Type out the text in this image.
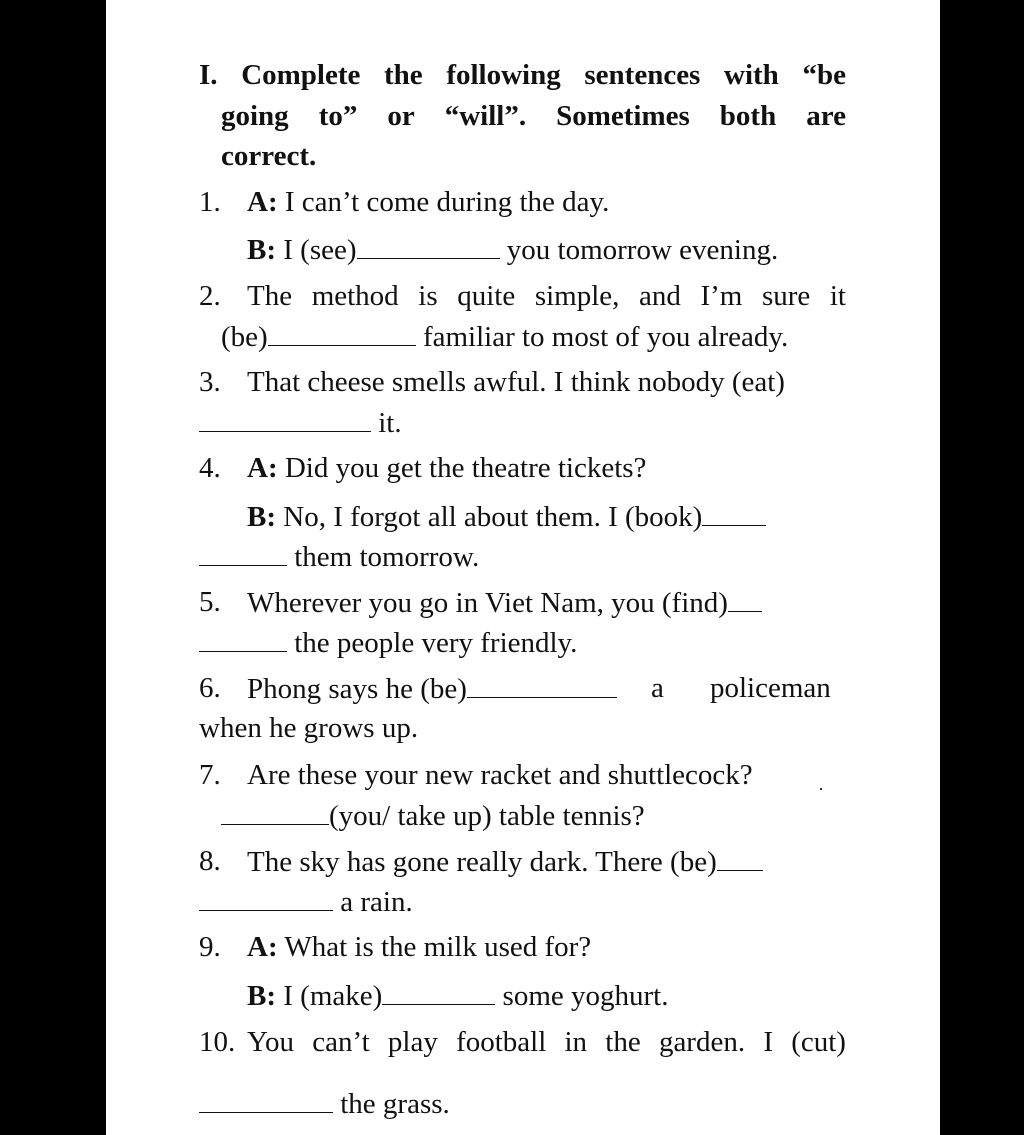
I. Complete the following sentences with “be
going to” or “will”. Sometimes both are
correct.
1. A: I can’t come during the day.
B: I (see)	you tomorrow evening.
2. The method is quite simple, and I’m sure it
(be)	familiar to most of you already.
3. That cheese smells awful. I think nobody (eat)
it.
4. A: Did you get the theatre tickets?
B: No, I forgot all about them. I (book)
them tomorrow.
5. Wherever you go in Viet Nam, you (find)
the people very friendly.
6. Phong says he (be)	a policeman
when he grows up.
7. Are these your new racket and shuttlecock?
(you/ take up) table tennis?
8. The sky has gone really dark. There (be)
a rain.
9. A: What is the milk used for?
B: I (make)	some yoghurt.
10. You can’t play football in the garden. I (cut)
the grass.
